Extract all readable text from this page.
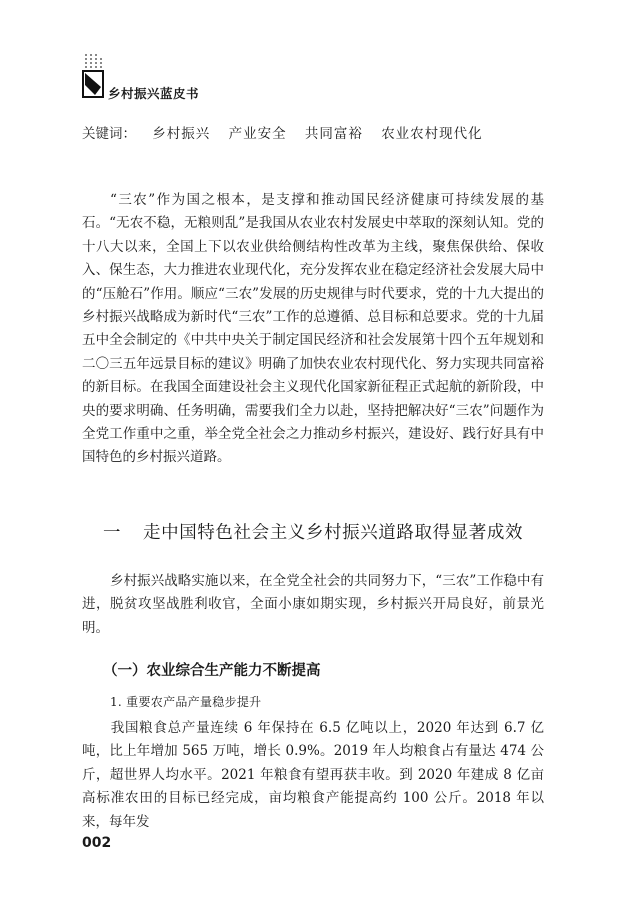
乡村振兴蓝皮书
关键词： 乡村振兴 产业安全 共同富裕 农业农村现代化
“三农”作为国之根本，是支撑和推动国民经济健康可持续发展的基石。“无农不稳，无粮则乱”是我国从农业农村发展史中萃取的深刻认知。党的十八大以来，全国上下以农业供给侧结构性改革为主线，聚焦保供给、保收入、保生态，大力推进农业现代化，充分发挥农业在稳定经济社会发展大局中的“压舱石”作用。顺应“三农”发展的历史规律与时代要求，党的十九大提出的乡村振兴战略成为新时代“三农”工作的总遵循、总目标和总要求。党的十九届五中全会制定的《中共中央关于制定国民经济和社会发展第十四个五年规划和二〇三五年远景目标的建议》明确了加快农业农村现代化、努力实现共同富裕的新目标。在我国全面建设社会主义现代化国家新征程正式起航的新阶段，中央的要求明确、任务明确，需要我们全力以赴，坚持把解决好“三农”问题作为全党工作重中之重，举全党全社会之力推动乡村振兴，建设好、践行好具有中国特色的乡村振兴道路。
一 走中国特色社会主义乡村振兴道路取得显著成效
乡村振兴战略实施以来，在全党全社会的共同努力下，“三农”工作稳中有进，脱贫攻坚战胜利收官，全面小康如期实现，乡村振兴开局良好，前景光明。
（一）农业综合生产能力不断提高
1. 重要农产品产量稳步提升
我国粮食总产量连续 6 年保持在 6.5 亿吨以上，2020 年达到 6.7 亿吨，比上年增加 565 万吨，增长 0.9%。2019 年人均粮食占有量达 474 公斤，超世界人均水平。2021 年粮食有望再获丰收。到 2020 年建成 8 亿亩高标准农田的目标已经完成，亩均粮食产能提高约 100 公斤。2018 年以来，每年发
002
